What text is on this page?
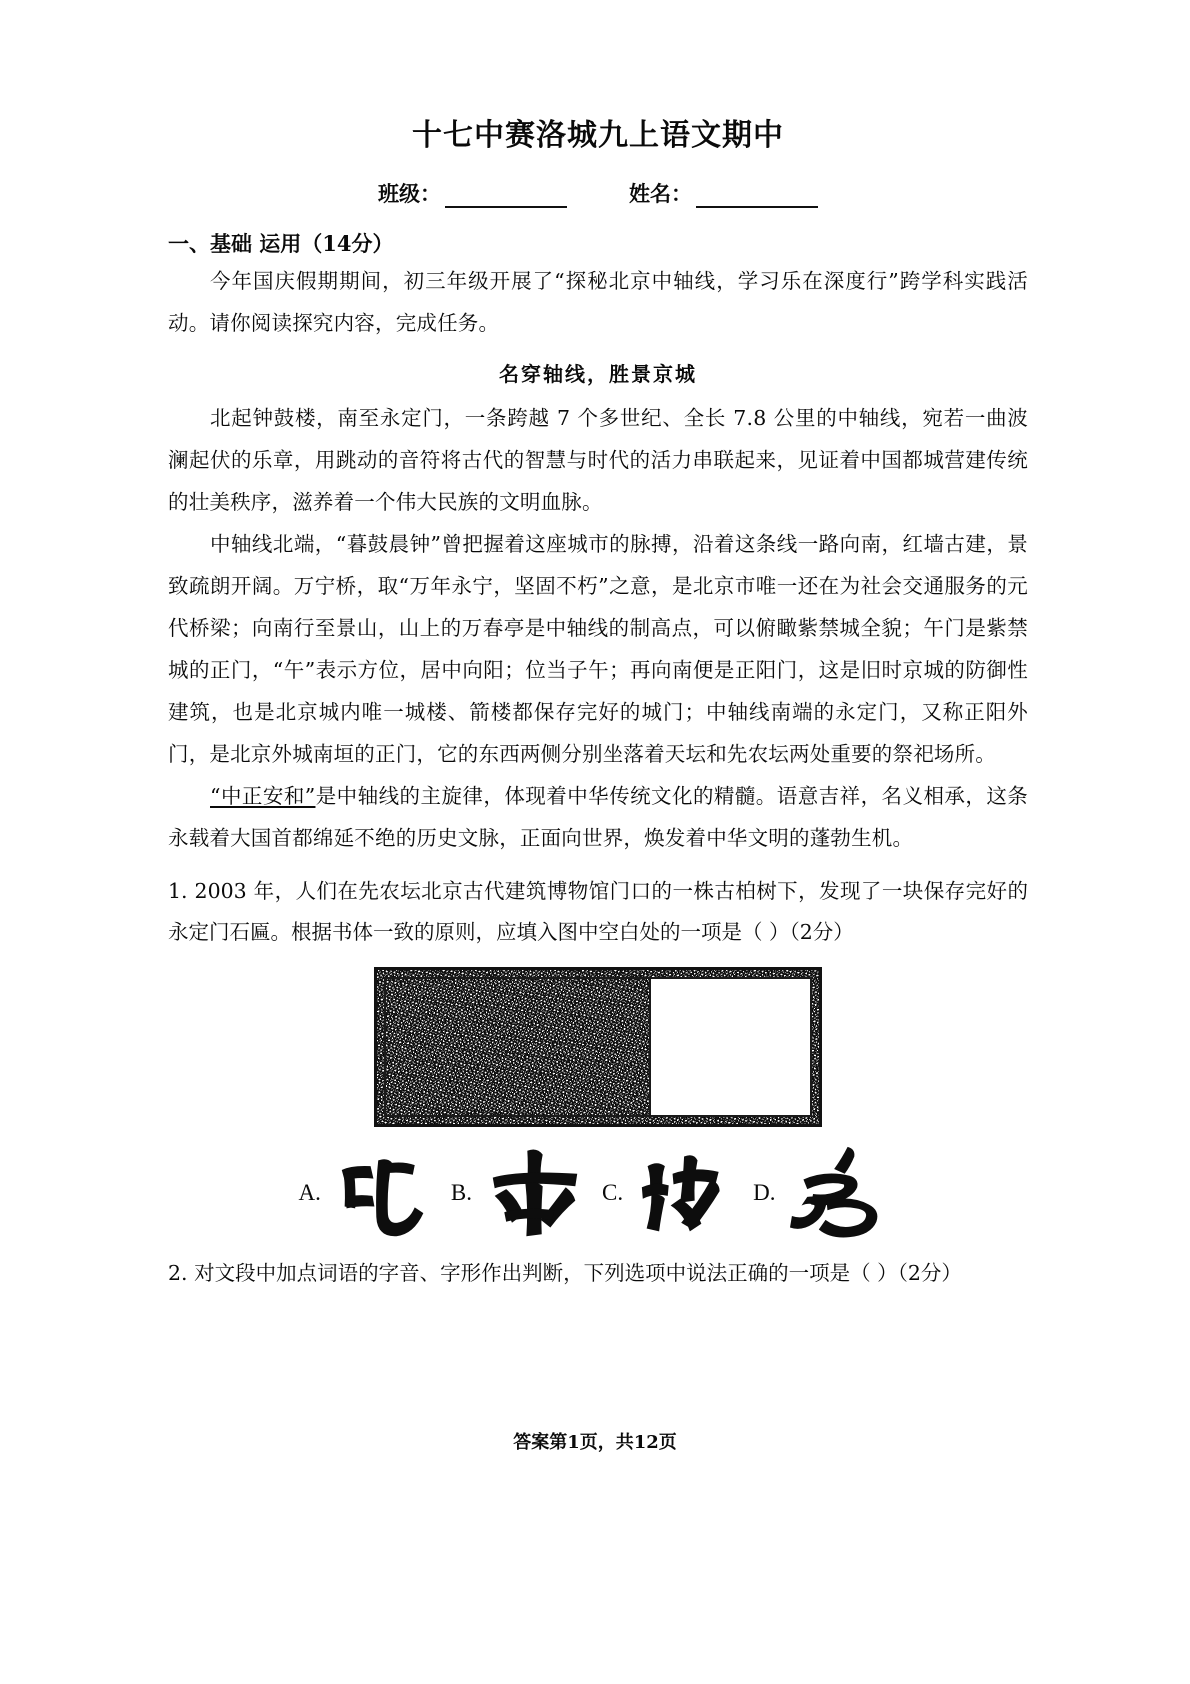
十七中赛洛城九上语文期中
班级：	姓名：
一、基础 运用（14分）

今年国庆假期期间，初三年级开展了“探秘北京中轴线，学习乐在深度行”跨学科实践活动。请你阅读探究内容，完成任务。

名穿轴线，胜景京城

北起钟鼓楼，南至永定门，一条跨越 7 个多世纪、全长 7.8 公里的中轴线，宛若一曲波澜起伏的乐章，用跳动的音符将古代的智慧与时代的活力串联起来，见证着中国都城营建传统的壮美秩序，滋养着一个伟大民族的文明血脉。

中轴线北端，“暮鼓晨钟”曾把握着这座城市的脉搏，沿着这条线一路向南，红墙古建，景致疏朗开阔。万宁桥，取“万年永宁，坚固不朽”之意，是北京市唯一还在为社会交通服务的元代桥梁；向南行至景山，山上的万春亭是中轴线的制高点，可以俯瞰紫禁城全貌；午门是紫禁城的正门，“午”表示方位，居中向阳；位当子午；再向南便是正阳门，这是旧时京城的防御性建筑，也是北京城内唯一城楼、箭楼都保存完好的城门；中轴线南端的永定门，又称正阳外门，是北京外城南垣的正门，它的东西两侧分别坐落着天坛和先农坛两处重要的祭祀场所。

“中正安和”是中轴线的主旋律，体现着中华传统文化的精髓。语意吉祥，名义相承，这条永载着大国首都绵延不绝的历史文脉，正面向世界，焕发着中华文明的蓬勃生机。

1. 2003 年，人们在先农坛北京古代建筑博物馆门口的一株古柏树下，发现了一块保存完好的永定门石匾。根据书体一致的原则，应填入图中空白处的一项是（ ）（2分）
A.	B.	C.	D.
2. 对文段中加点词语的字音、字形作出判断，下列选项中说法正确的一项是（ ）（2分）
答案第1页，共12页
